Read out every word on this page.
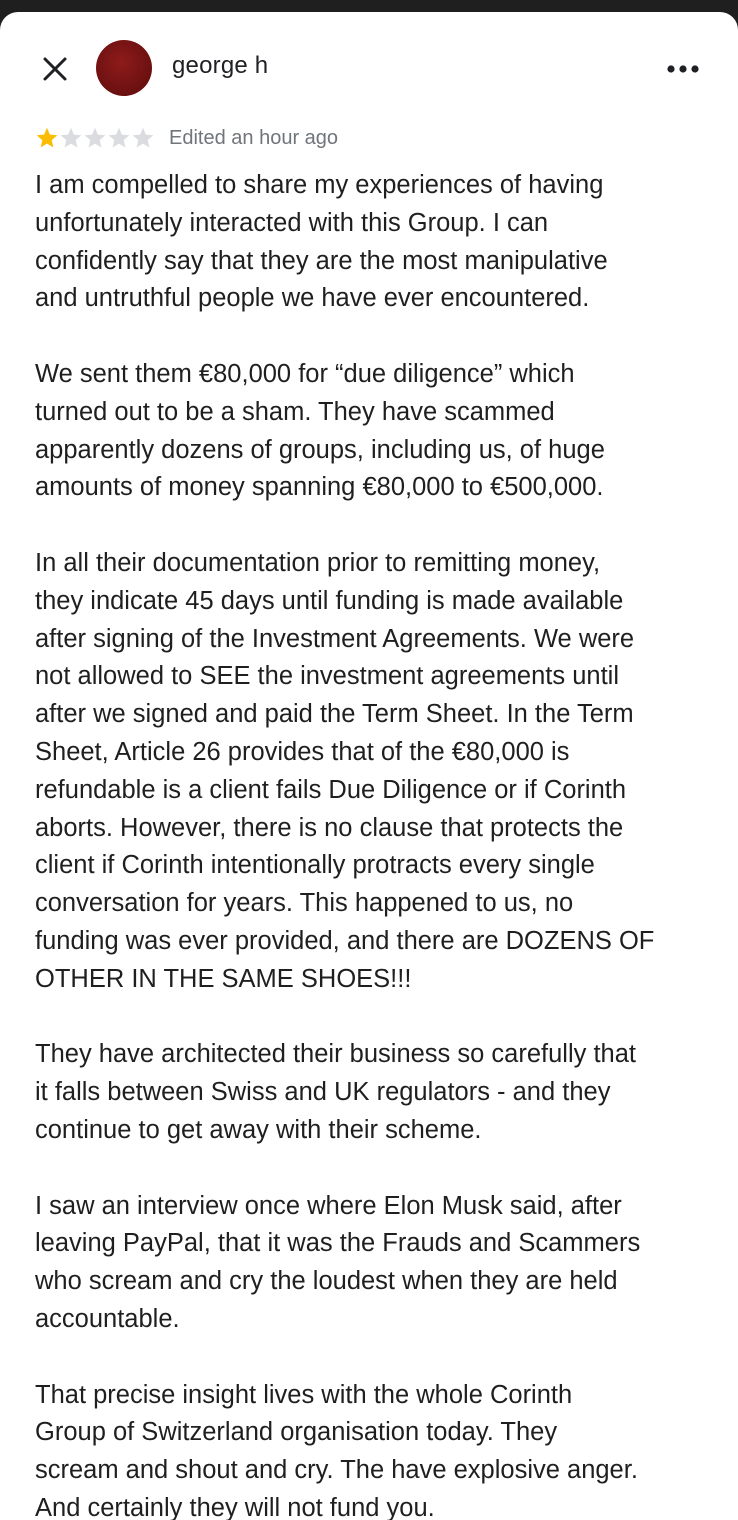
george h
Edited an hour ago

I am compelled to share my experiences of having
unfortunately interacted with this Group. I can
confidently say that they are the most manipulative
and untruthful people we have ever encountered.

We sent them €80,000 for “due diligence” which
turned out to be a sham. They have scammed
apparently dozens of groups, including us, of huge
amounts of money spanning €80,000 to €500,000.

In all their documentation prior to remitting money,
they indicate 45 days until funding is made available
after signing of the Investment Agreements. We were
not allowed to SEE the investment agreements until
after we signed and paid the Term Sheet. In the Term
Sheet, Article 26 provides that of the €80,000 is
refundable is a client fails Due Diligence or if Corinth
aborts. However, there is no clause that protects the
client if Corinth intentionally protracts every single
conversation for years. This happened to us, no
funding was ever provided, and there are DOZENS OF
OTHER IN THE SAME SHOES!!!

They have architected their business so carefully that
it falls between Swiss and UK regulators - and they
continue to get away with their scheme.

I saw an interview once where Elon Musk said, after
leaving PayPal, that it was the Frauds and Scammers
who scream and cry the loudest when they are held
accountable.

That precise insight lives with the whole Corinth
Group of Switzerland organisation today. They
scream and shout and cry. The have explosive anger.
And certainly they will not fund you.
